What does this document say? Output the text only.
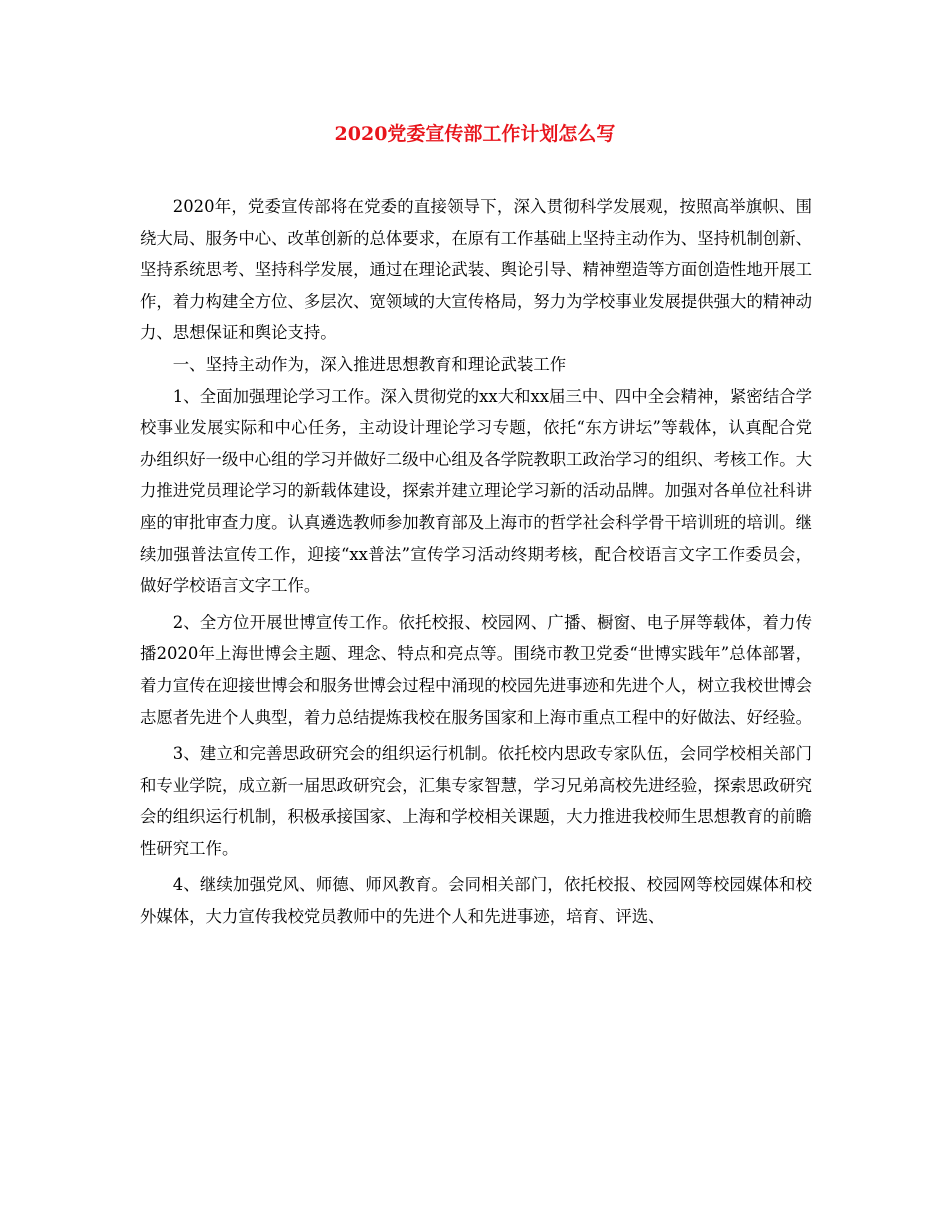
2020党委宣传部工作计划怎么写

2020年，党委宣传部将在党委的直接领导下，深入贯彻科学发展观，按照高举旗帜、围绕大局、服务中心、改革创新的总体要求，在原有工作基础上坚持主动作为、坚持机制创新、坚持系统思考、坚持科学发展，通过在理论武装、舆论引导、精神塑造等方面创造性地开展工作，着力构建全方位、多层次、宽领域的大宣传格局，努力为学校事业发展提供强大的精神动力、思想保证和舆论支持。

一、坚持主动作为，深入推进思想教育和理论武装工作

1、全面加强理论学习工作。深入贯彻党的xx大和xx届三中、四中全会精神，紧密结合学校事业发展实际和中心任务，主动设计理论学习专题，依托“东方讲坛”等载体，认真配合党办组织好一级中心组的学习并做好二级中心组及各学院教职工政治学习的组织、考核工作。大力推进党员理论学习的新载体建设，探索并建立理论学习新的活动品牌。加强对各单位社科讲座的审批审查力度。认真遴选教师参加教育部及上海市的哲学社会科学骨干培训班的培训。继续加强普法宣传工作，迎接“xx普法”宣传学习活动终期考核，配合校语言文字工作委员会，做好学校语言文字工作。

2、全方位开展世博宣传工作。依托校报、校园网、广播、橱窗、电子屏等载体，着力传播2020年上海世博会主题、理念、特点和亮点等。围绕市教卫党委“世博实践年”总体部署，着力宣传在迎接世博会和服务世博会过程中涌现的校园先进事迹和先进个人，树立我校世博会志愿者先进个人典型，着力总结提炼我校在服务国家和上海市重点工程中的好做法、好经验。

3、建立和完善思政研究会的组织运行机制。依托校内思政专家队伍，会同学校相关部门和专业学院，成立新一届思政研究会，汇集专家智慧，学习兄弟高校先进经验，探索思政研究会的组织运行机制，积极承接国家、上海和学校相关课题，大力推进我校师生思想教育的前瞻性研究工作。

4、继续加强党风、师德、师风教育。会同相关部门，依托校报、校园网等校园媒体和校外媒体，大力宣传我校党员教师中的先进个人和先进事迹，培育、评选、
